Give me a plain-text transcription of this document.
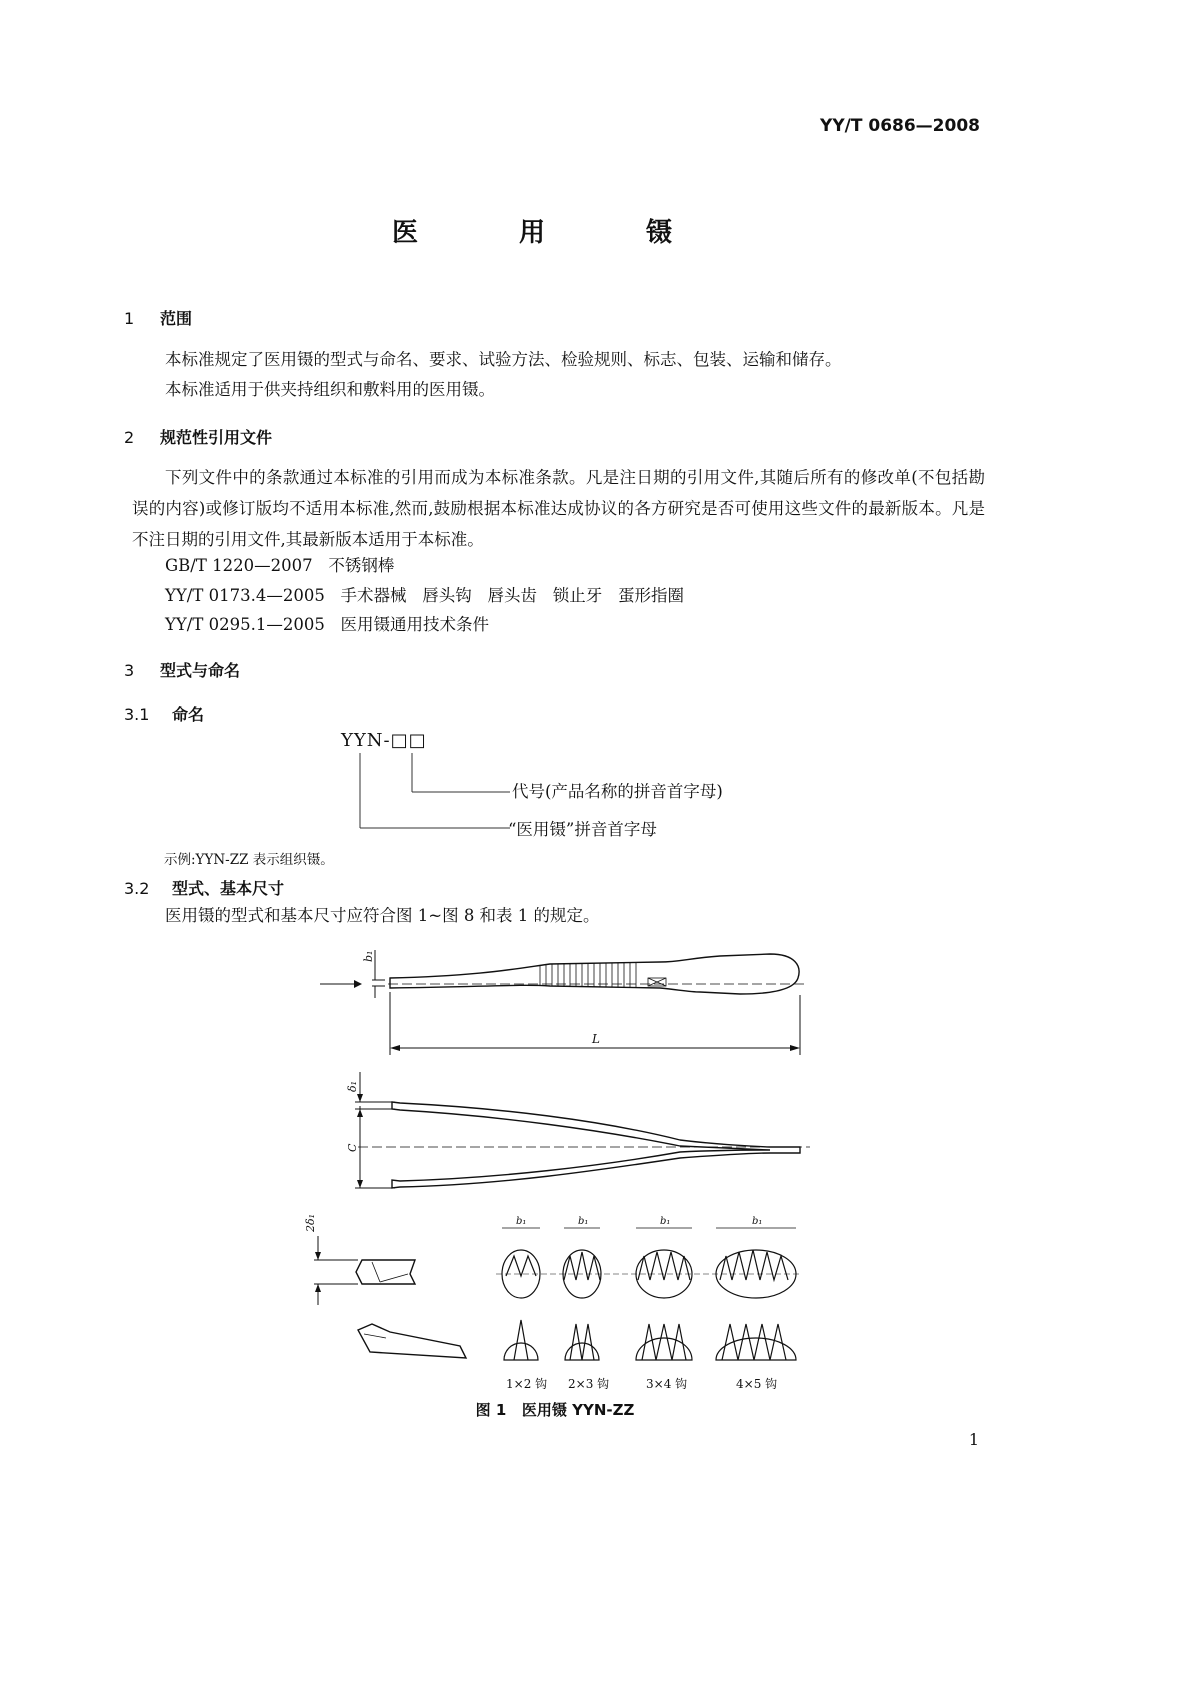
YY/T 0686—2008
医 用 镊
1 范围
本标准规定了医用镊的型式与命名、要求、试验方法、检验规则、标志、包装、运输和储存。
本标准适用于供夹持组织和敷料用的医用镊。
2 规范性引用文件
下列文件中的条款通过本标准的引用而成为本标准条款。凡是注日期的引用文件,其随后所有的修改单(不包括勘误的内容)或修订版均不适用本标准,然而,鼓励根据本标准达成协议的各方研究是否可使用这些文件的最新版本。凡是不注日期的引用文件,其最新版本适用于本标准。
GB/T 1220—2007   不锈钢棒
YY/T 0173.4—2005   手术器械   唇头钩   唇头齿   锁止牙   蛋形指圈
YY/T 0295.1—2005   医用镊通用技术条件
3 型式与命名
3.1 命名
YYN-□□
代号(产品名称的拼音首字母)
“医用镊”拼音首字母
示例:YYN-ZZ 表示组织镊。
3.2 型式、基本尺寸
医用镊的型式和基本尺寸应符合图 1~图 8 和表 1 的规定。
b₁
L
δ₁
C
2δ₁	b₁	b₁	b₁	b₁
1×2 钩 2×3 钩	3×4 钩	4×5 钩
图 1   医用镊 YYN-ZZ
1
